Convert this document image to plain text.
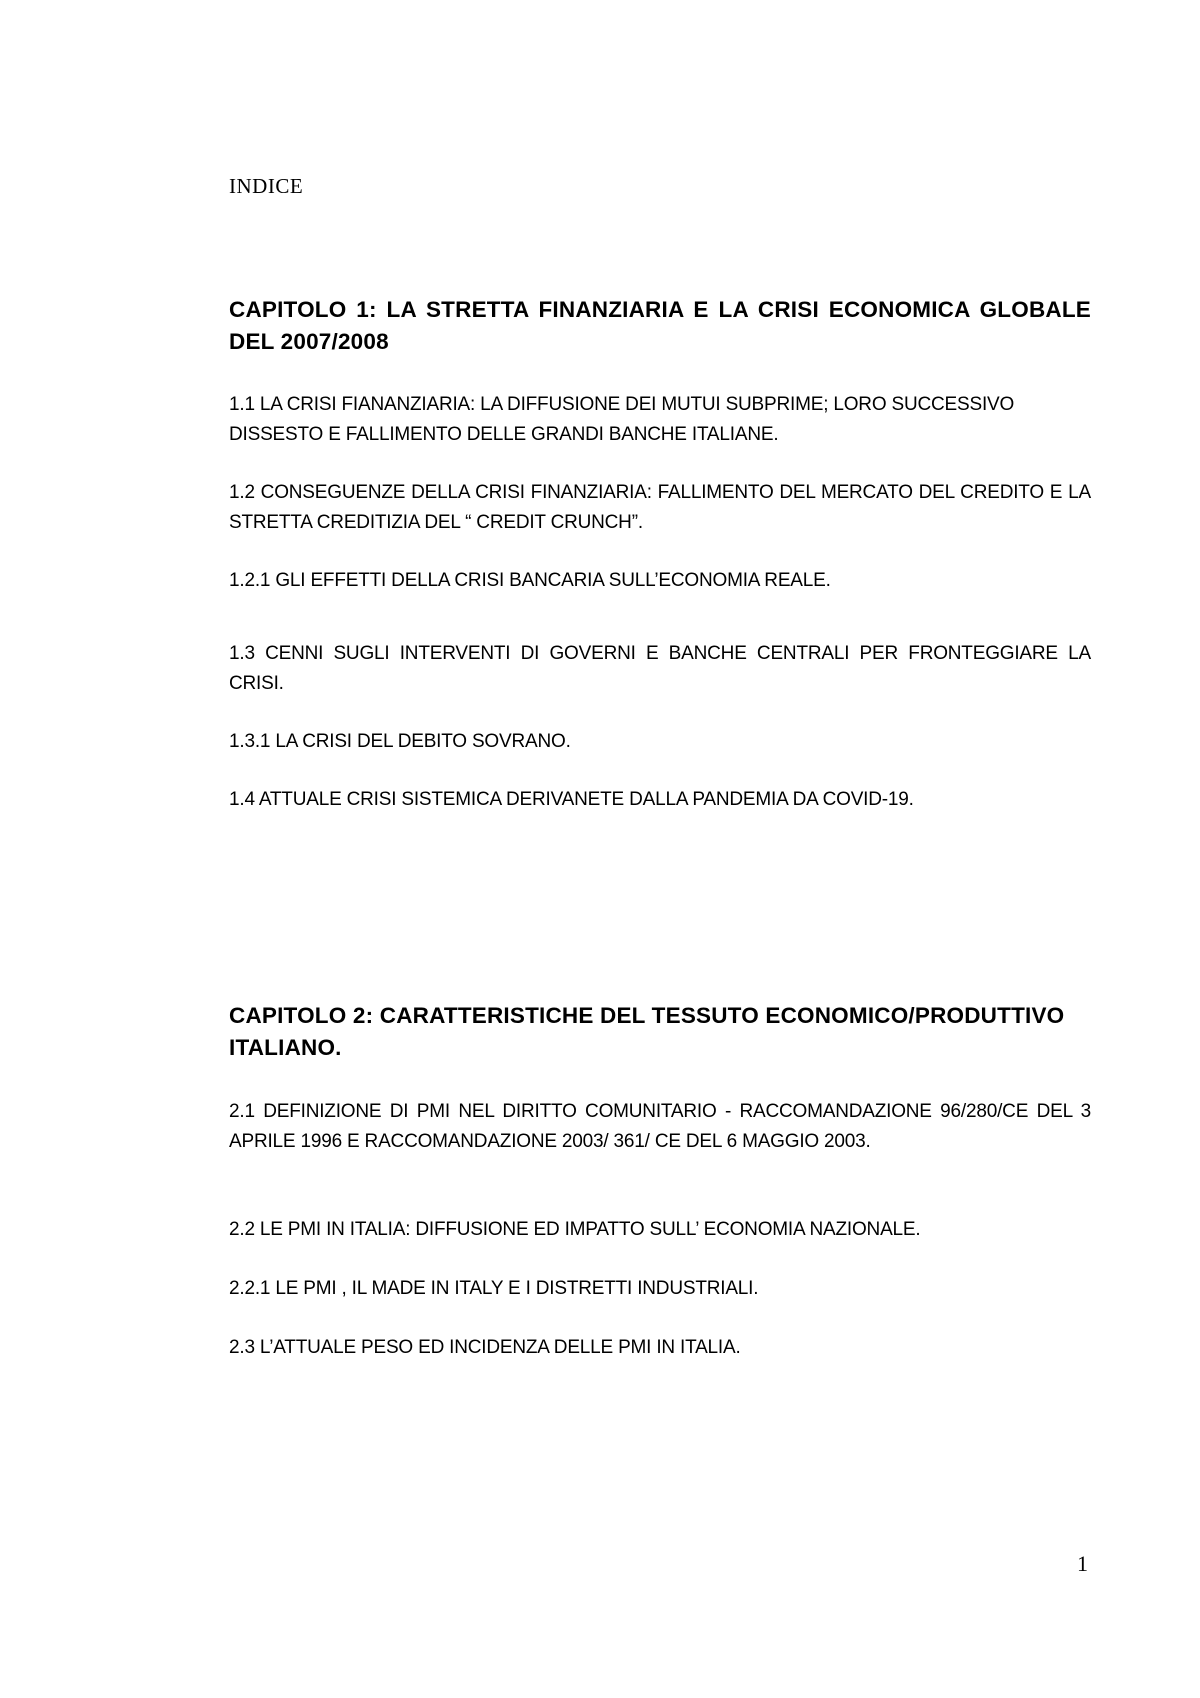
INDICE
CAPITOLO 1: LA STRETTA FINANZIARIA E LA CRISI ECONOMICA GLOBALE DEL 2007/2008
1.1 LA CRISI FIANANZIARIA: LA DIFFUSIONE DEI MUTUI SUBPRIME; LORO SUCCESSIVO DISSESTO E FALLIMENTO DELLE GRANDI BANCHE ITALIANE.
1.2 CONSEGUENZE DELLA CRISI FINANZIARIA: FALLIMENTO DEL MERCATO DEL CREDITO E LA STRETTA CREDITIZIA DEL “ CREDIT CRUNCH”.
1.2.1 GLI EFFETTI DELLA CRISI BANCARIA SULL’ECONOMIA REALE.
1.3 CENNI SUGLI INTERVENTI DI GOVERNI E BANCHE CENTRALI PER FRONTEGGIARE LA CRISI.
1.3.1 LA CRISI DEL DEBITO SOVRANO.
1.4 ATTUALE CRISI SISTEMICA DERIVANETE DALLA PANDEMIA DA COVID-19.
CAPITOLO 2: CARATTERISTICHE DEL TESSUTO ECONOMICO/PRODUTTIVO ITALIANO.
2.1 DEFINIZIONE DI PMI NEL DIRITTO COMUNITARIO - RACCOMANDAZIONE 96/280/CE DEL 3 APRILE 1996 E RACCOMANDAZIONE 2003/ 361/ CE DEL 6 MAGGIO 2003.
2.2 LE PMI IN ITALIA: DIFFUSIONE ED IMPATTO SULL’ ECONOMIA NAZIONALE.
2.2.1 LE PMI , IL MADE IN ITALY E I DISTRETTI INDUSTRIALI.
2.3 L’ATTUALE PESO ED INCIDENZA DELLE PMI IN ITALIA.
1
